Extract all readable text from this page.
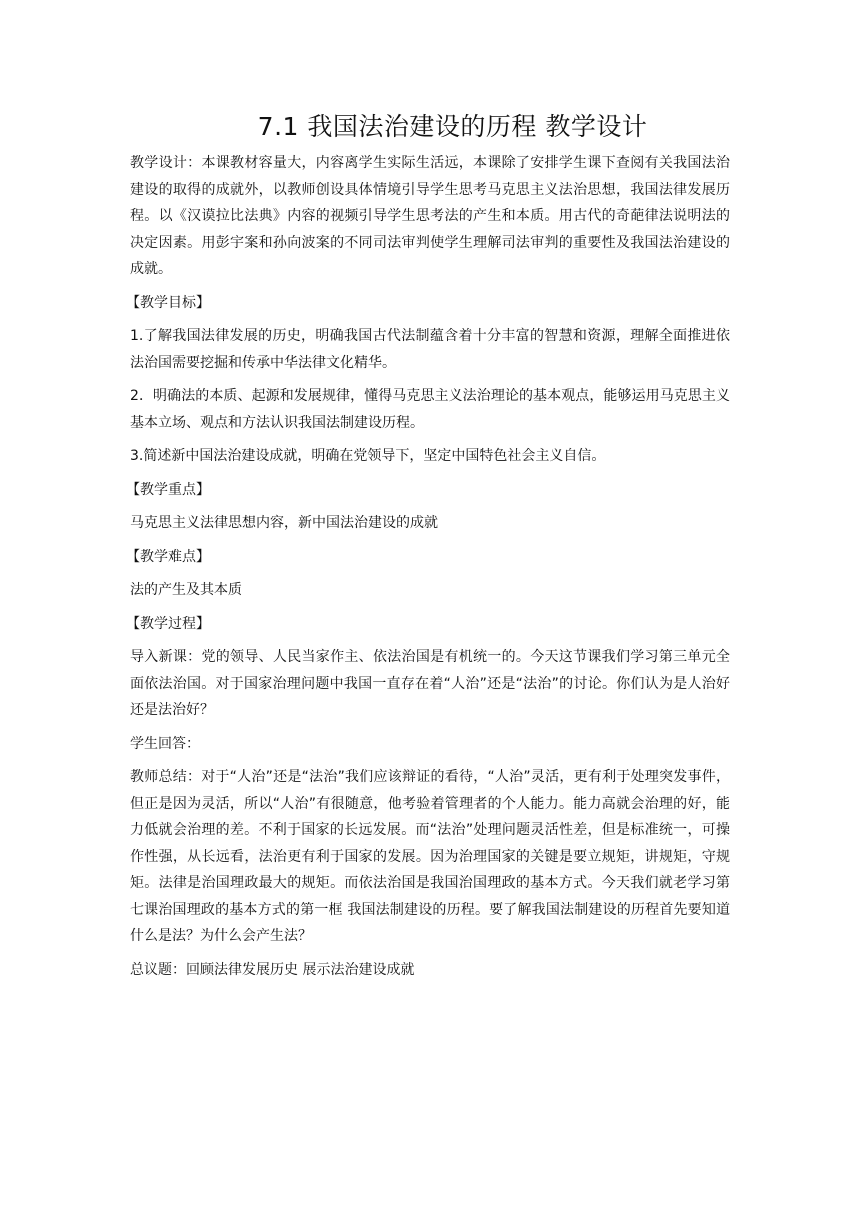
7.1 我国法治建设的历程 教学设计

教学设计：本课教材容量大，内容离学生实际生活远，本课除了安排学生课下查阅有关我国法治建设的取得的成就外，以教师创设具体情境引导学生思考马克思主义法治思想，我国法律发展历程。以《汉谟拉比法典》内容的视频引导学生思考法的产生和本质。用古代的奇葩律法说明法的决定因素。用彭宇案和孙向波案的不同司法审判使学生理解司法审判的重要性及我国法治建设的成就。

【教学目标】

1.了解我国法律发展的历史，明确我国古代法制蕴含着十分丰富的智慧和资源，理解全面推进依法治国需要挖掘和传承中华法律文化精华。

2．明确法的本质、起源和发展规律，懂得马克思主义法治理论的基本观点，能够运用马克思主义基本立场、观点和方法认识我国法制建设历程。

3.简述新中国法治建设成就，明确在党领导下，坚定中国特色社会主义自信。

【教学重点】

马克思主义法律思想内容，新中国法治建设的成就

【教学难点】

法的产生及其本质

【教学过程】

导入新课：党的领导、人民当家作主、依法治国是有机统一的。今天这节课我们学习第三单元全面依法治国。对于国家治理问题中我国一直存在着“人治”还是“法治”的讨论。你们认为是人治好还是法治好？

学生回答：

教师总结：对于“人治”还是“法治”我们应该辩证的看待，“人治”灵活，更有利于处理突发事件，但正是因为灵活，所以“人治”有很随意，他考验着管理者的个人能力。能力高就会治理的好，能力低就会治理的差。不利于国家的长远发展。而“法治”处理问题灵活性差，但是标准统一，可操作性强，从长远看，法治更有利于国家的发展。因为治理国家的关键是要立规矩，讲规矩，守规矩。法律是治国理政最大的规矩。而依法治国是我国治国理政的基本方式。今天我们就老学习第七课治国理政的基本方式的第一框 我国法制建设的历程。要了解我国法制建设的历程首先要知道什么是法？为什么会产生法？

总议题：回顾法律发展历史 展示法治建设成就
